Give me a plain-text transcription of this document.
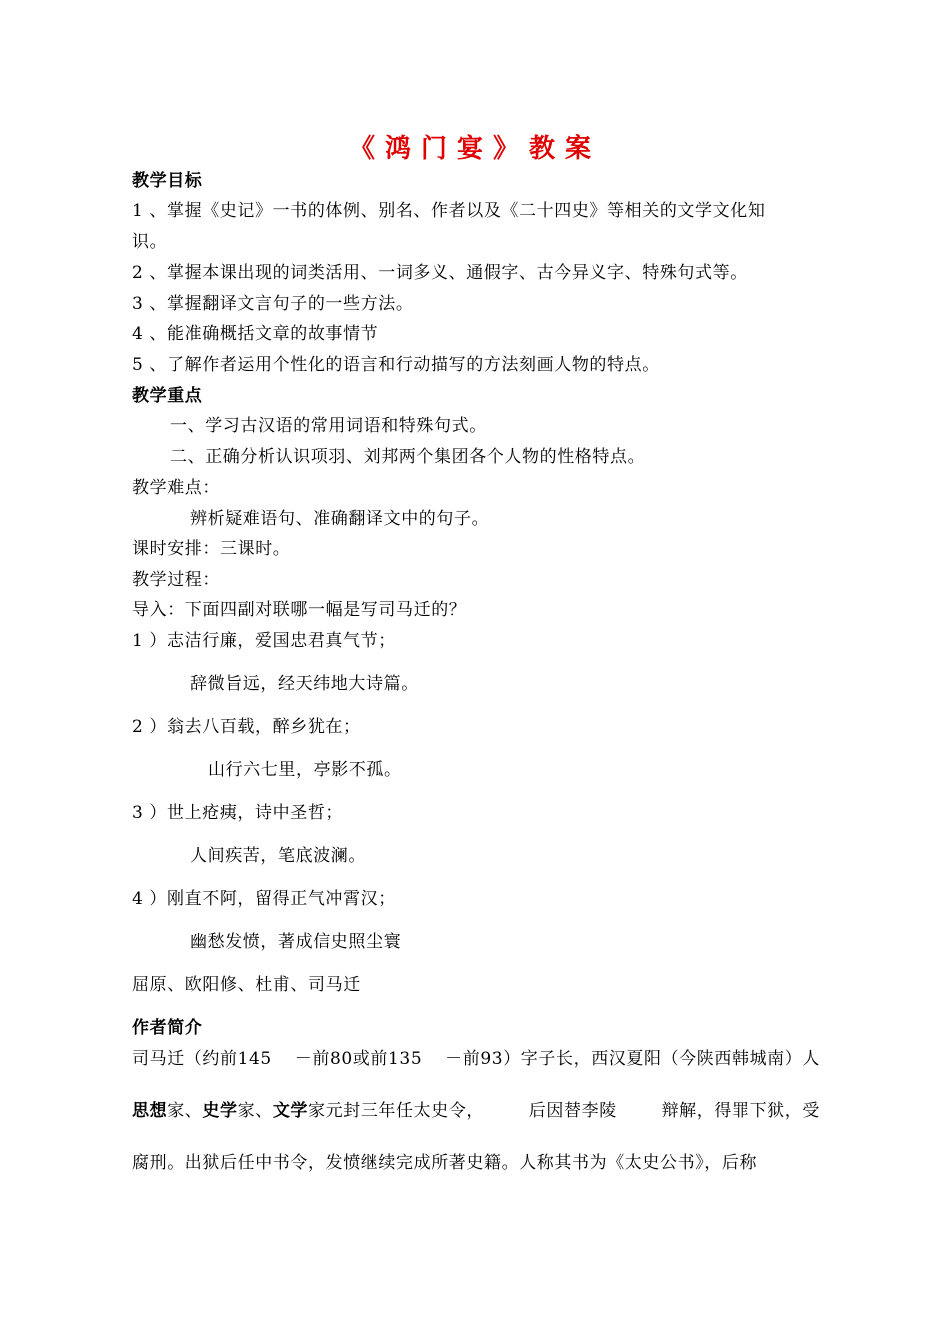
《鸿门宴》教案
教学目标
1 、掌握《史记》一书的体例、别名、作者以及《二十四史》等相关的文学文化知
识。
2 、掌握本课出现的词类活用、一词多义、通假字、古今异义字、特殊句式等。
3 、掌握翻译文言句子的一些方法。
4 、能准确概括文章的故事情节
5 、了解作者运用个性化的语言和行动描写的方法刻画人物的特点。
教学重点
一、学习古汉语的常用词语和特殊句式。
二、正确分析认识项羽、刘邦两个集团各个人物的性格特点。
教学难点：
辨析疑难语句、准确翻译文中的句子。
课时安排：三课时。
教学过程：
导入：下面四副对联哪一幅是写司马迁的？
1 ）志洁行廉，爱国忠君真气节；
辞微旨远，经天纬地大诗篇。
2 ）翁去八百载，醉乡犹在；
山行六七里，亭影不孤。
3 ）世上疮痍，诗中圣哲；
人间疾苦，笔底波澜。
4 ）刚直不阿，留得正气冲霄汉；
幽愁发愤，著成信史照尘寰
屈原、欧阳修、杜甫、司马迁
作者简介
司马迁（约前145 －前80或前135 －前93）字子长，西汉夏阳（今陕西韩城南）人
思想家、史学家、文学家元封三年任太史令，	后因替李陵	辩解，得罪下狱，受
腐刑。出狱后任中书令，发愤继续完成所著史籍。人称其书为《太史公书》，后称
